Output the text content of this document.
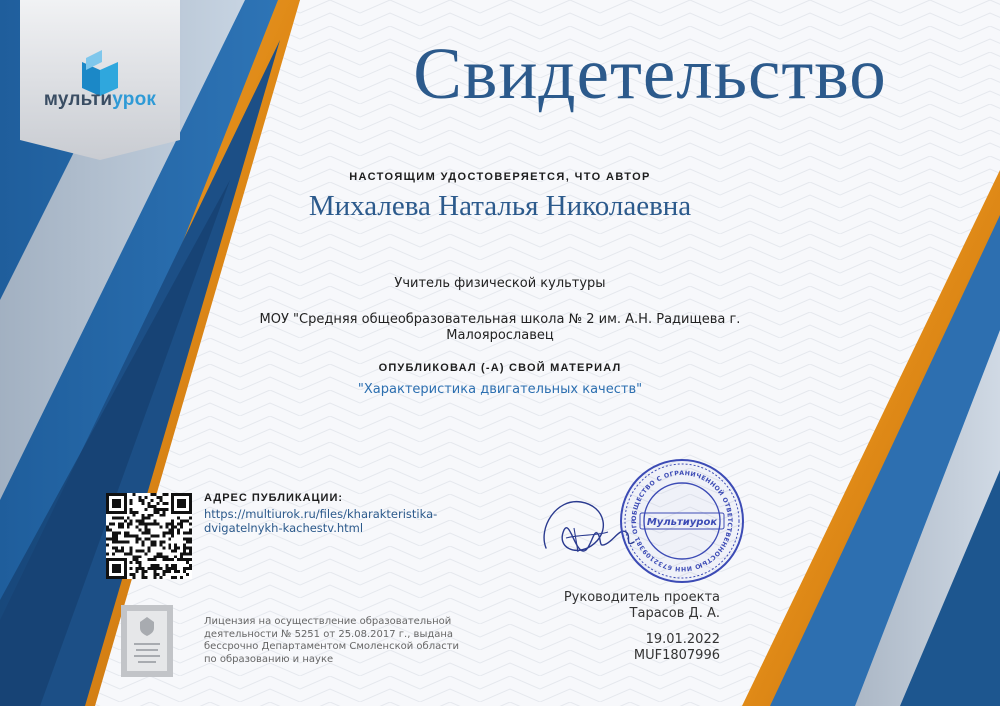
мультиурок	Свидетельство
НАСТОЯЩИМ УДОСТОВЕРЯЕТСЯ, ЧТО АВТОР
Михалева Наталья Николаевна
Учитель физической культуры
МОУ "Средняя общеобразовательная школа № 2 им. А.Н. Радищева г.
Малоярославец
ОПУБЛИКОВАЛ (-А) СВОЙ МАТЕРИАЛ
"Характеристика двигательных качеств"
АДРЕС ПУБЛИКАЦИИ:
https://multiurok.ru/files/kharakteristika-
dvigatelnykh-kachestv.html
Лицензия на осуществление образовательной
деятельности № 5251 от 25.08.2017 г., выдана
бессрочно Департаментом Смоленской области
по образованию и науке
ОБЩЕСТВО С ОГРАНИЧЕННОЙ ОТВЕТСТВЕННОСТЬЮ ИНН 6732109381 ОГР Мультиурок
Руководитель проекта
Тарасов Д. А.
19.01.2022
MUF1807996
